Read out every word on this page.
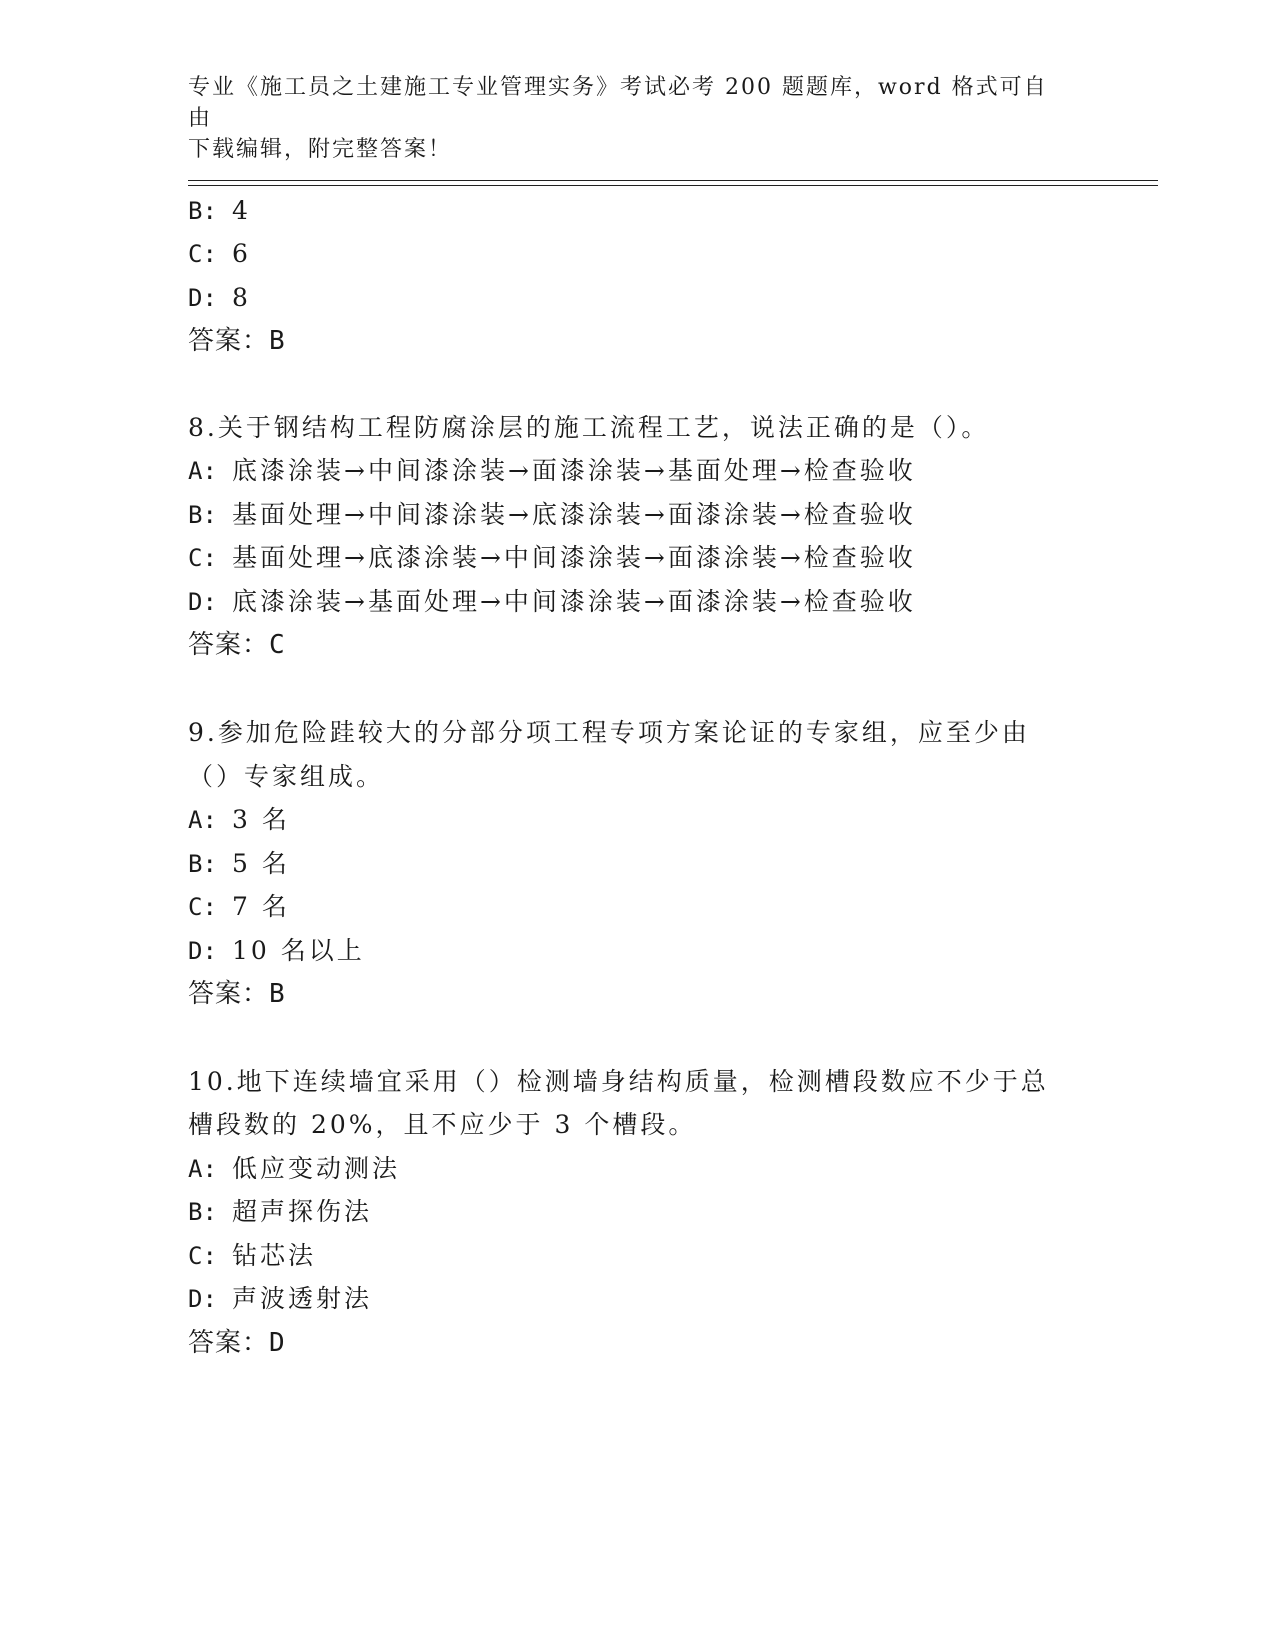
专业《施工员之土建施工专业管理实务》考试必考 200 题题库，word 格式可自由
下载编辑，附完整答案！
B: 4
C: 6
D: 8
答案：B
8.关于钢结构工程防腐涂层的施工流程工艺，说法正确的是（）。
A: 底漆涂装→中间漆涂装→面漆涂装→基面处理→检查验收
B: 基面处理→中间漆涂装→底漆涂装→面漆涂装→检查验收
C: 基面处理→底漆涂装→中间漆涂装→面漆涂装→检查验收
D: 底漆涂装→基面处理→中间漆涂装→面漆涂装→检查验收
答案：C
9.参加危险跬较大的分部分项工程专项方案论证的专家组，应至少由
（）专家组成。
A: 3 名
B: 5 名
C: 7 名
D: 10 名以上
答案：B
10.地下连续墙宜采用（）检测墙身结构质量，检测槽段数应不少于总
槽段数的 20%，且不应少于 3 个槽段。
A: 低应变动测法
B: 超声探伤法
C: 钻芯法
D: 声波透射法
答案：D
